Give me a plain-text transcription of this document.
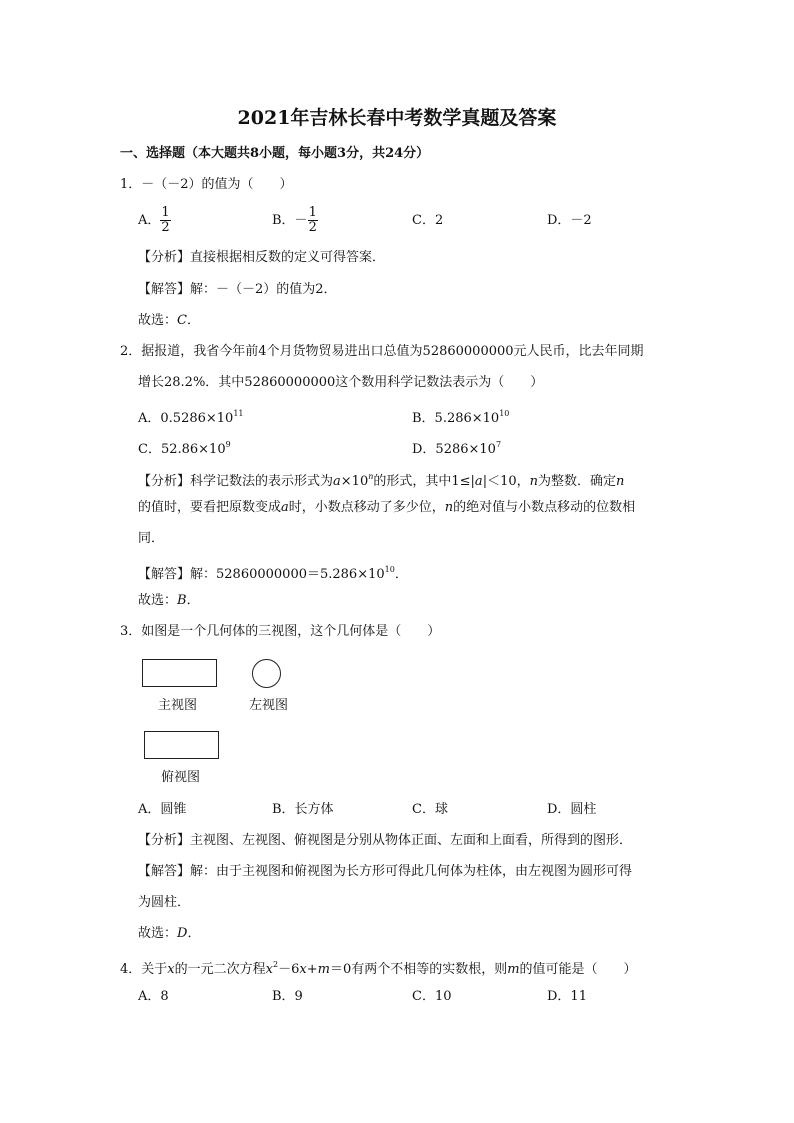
2021年吉林长春中考数学真题及答案
一、选择题（本大题共8小题，每小题3分，共24分）
1．－（－2）的值为（　　）
A． $\frac{1}{2}$	B．－ $\frac{1}{2}$	C．2	D．－2
【分析】直接根据相反数的定义可得答案．
【解答】解：－（－2）的值为2．
故选：C．
2．据报道，我省今年前4个月货物贸易进出口总值为52860000000元人民币，比去年同期
增长28.2%．其中52860000000这个数用科学记数法表示为（　　）
A．$0.5286\times 10^{11}$	B．$5.286\times 10^{10}$
C．$52.86\times 10^9$	D．$5286\times 10^7$
【分析】科学记数法的表示形式为$a\times 10^n$的形式，其中1≤|a|＜10，n为整数．确定n
的值时，要看把原数变成a时，小数点移动了多少位，n的绝对值与小数点移动的位数相
同．
【解答】解：$52860000000=5.286\times 10^{10}$．
故选：B．
3．如图是一个几何体的三视图，这个几何体是（　　）
主视图	左视图
俯视图
A．圆锥	B．长方体	C．球	D．圆柱
【分析】主视图、左视图、俯视图是分别从物体正面、左面和上面看，所得到的图形．
【解答】解：由于主视图和俯视图为长方形可得此几何体为柱体，由左视图为圆形可得
为圆柱．
故选：D．
4．关于x的一元二次方程$x^2-6x+m=0$有两个不相等的实数根，则m的值可能是（　　）
A．8	B．9	C．10	D．11
